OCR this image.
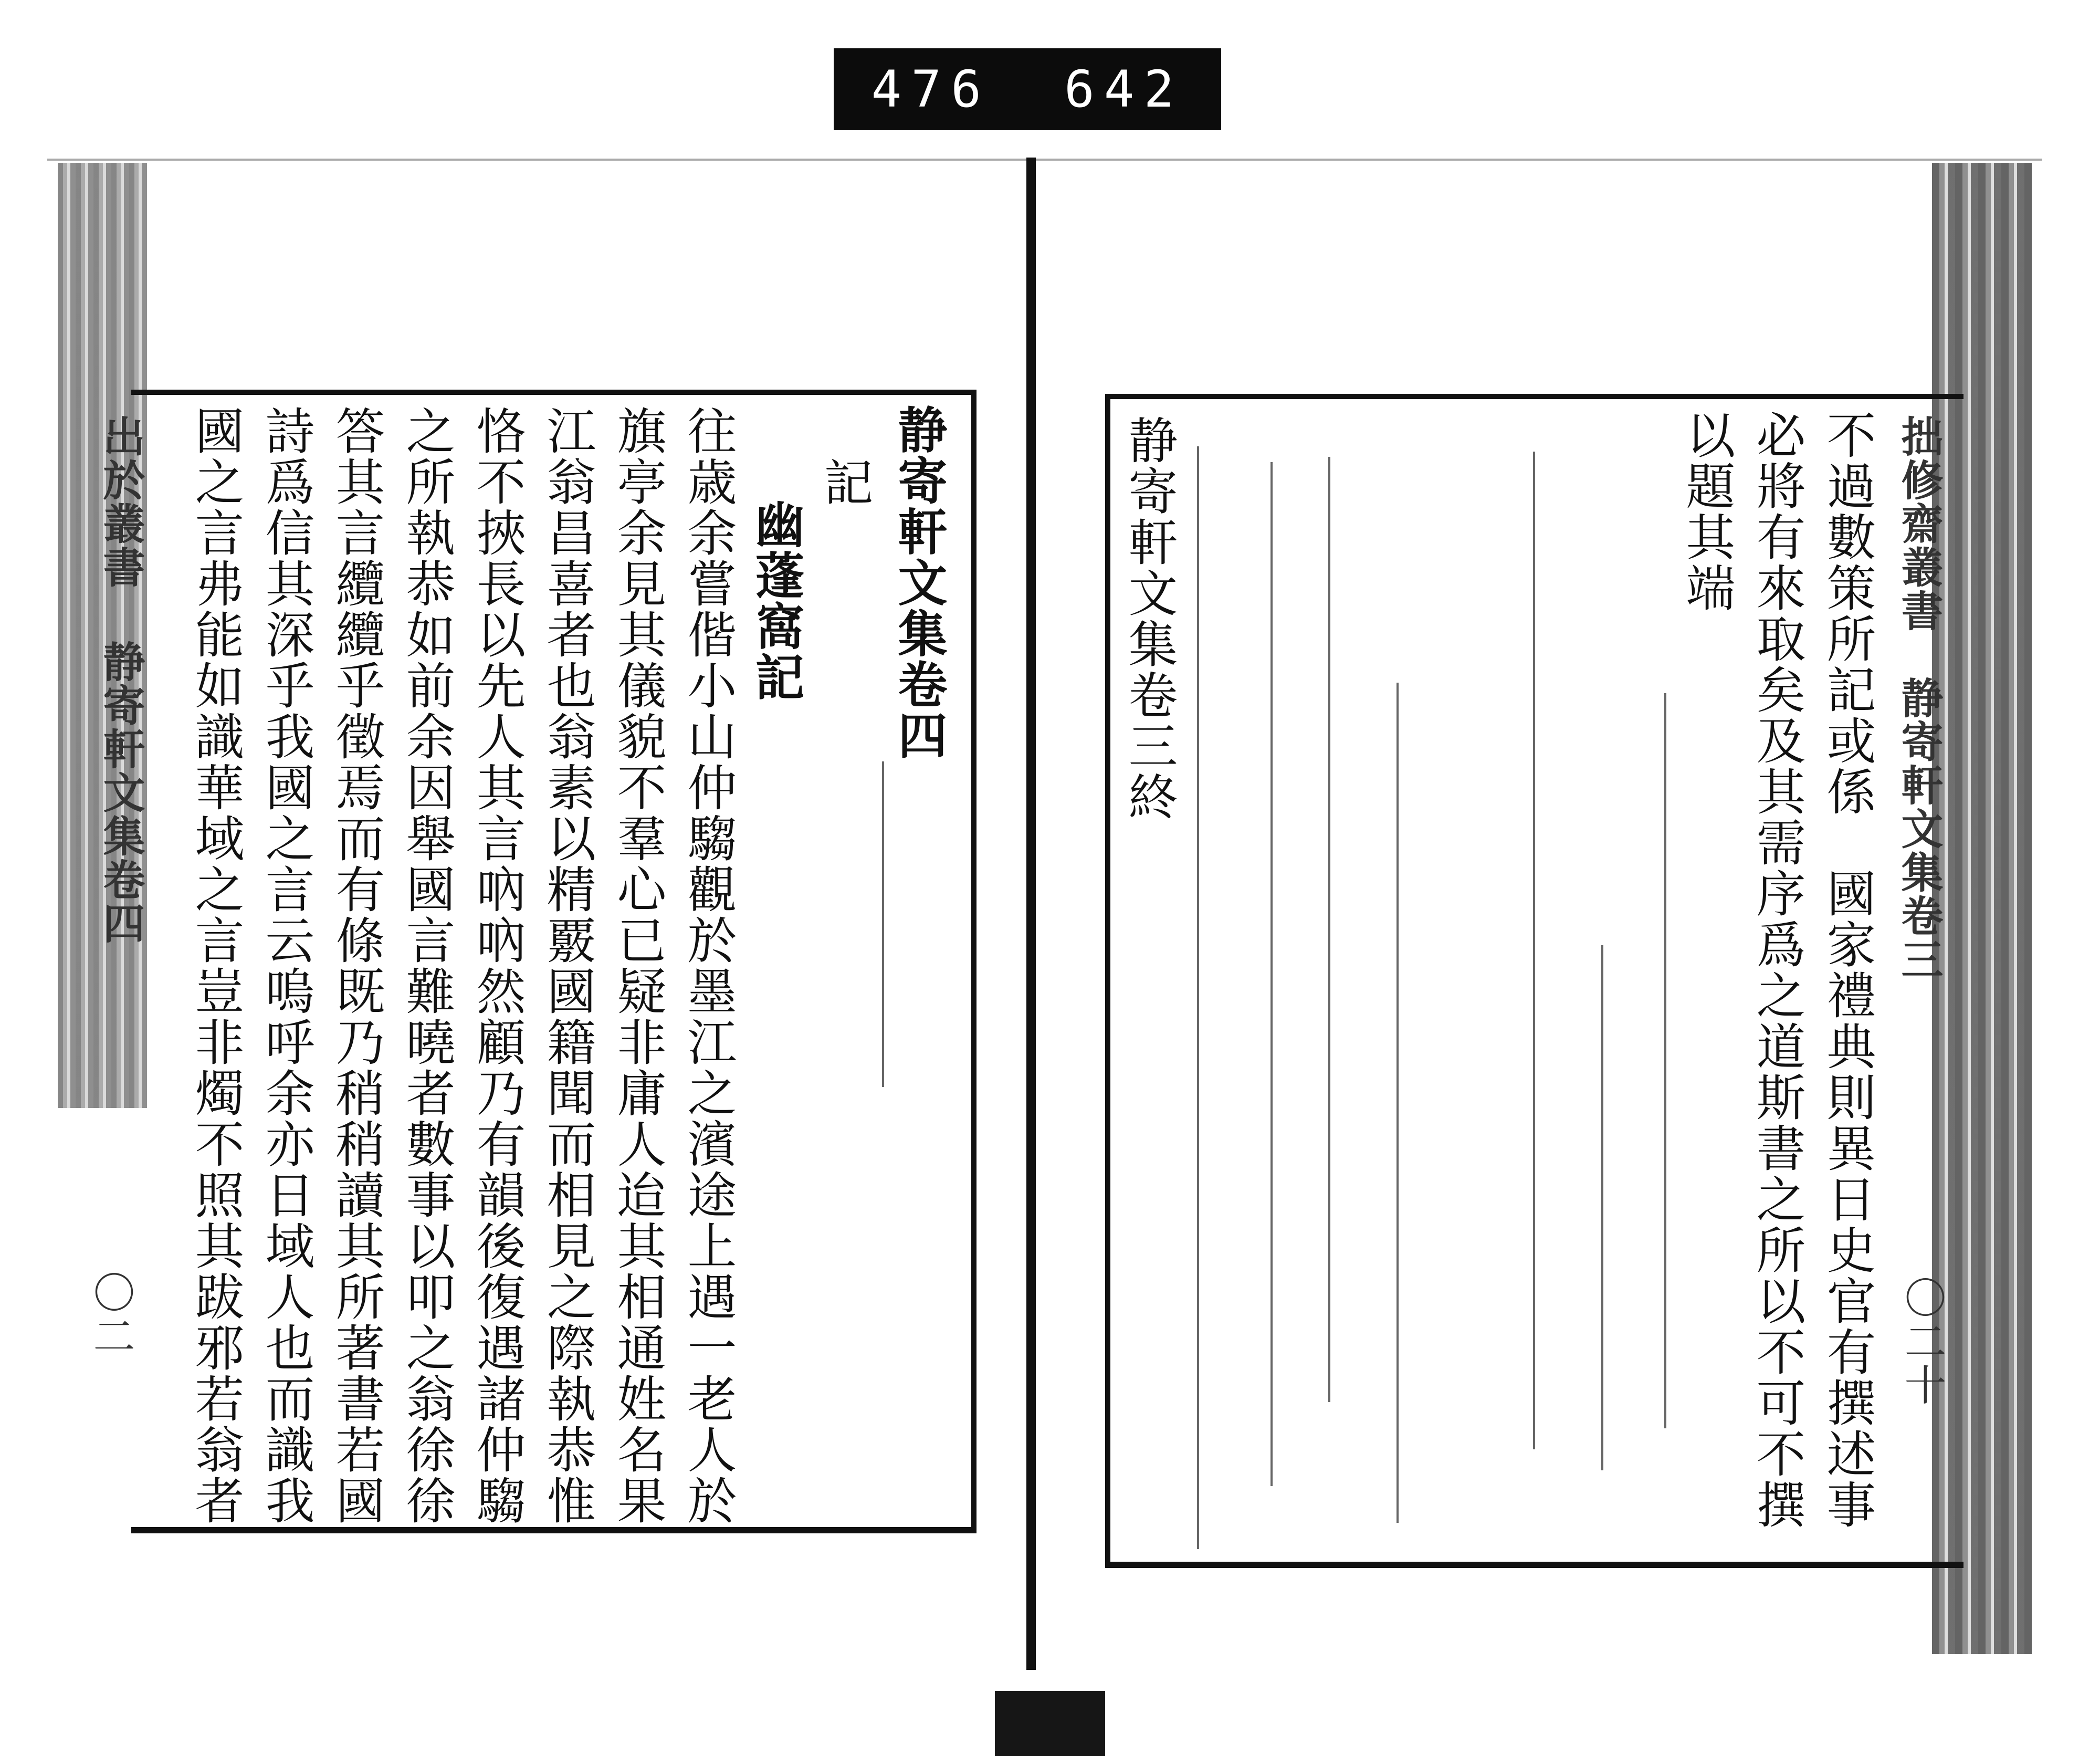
476 642
静寄軒文集卷四
記
幽蓬窩記
往歳余嘗偕小山仲騶觀於墨江之濱途上遇一老人於
旗亭余見其儀貌不羣心已疑非庸人迨其相通姓名果
江翁昌喜者也翁素以精覈國籍聞而相見之際執恭惟
恪不挾長以先人其言吶吶然顧乃有韻後復遇諸仲騶
之所執恭如前余因舉國言難曉者數事以叩之翁徐徐
答其言纜纜乎徵焉而有條既乃稍稍讀其所著書若國
詩爲信其深乎我國之言云嗚呼余亦日域人也而識我
國之言弗能如識華域之言豈非燭不照其跋邪若翁者
出於叢書 静寄軒文集卷四
〇二
静寄軒文集卷三終	不過數策所記或係　國家禮典則異日史官有撰述事
必將有來取矣及其需序爲之道斯書之所以不可不撰
以題其端	拙修齋叢書　静寄軒文集卷三
〇二十
